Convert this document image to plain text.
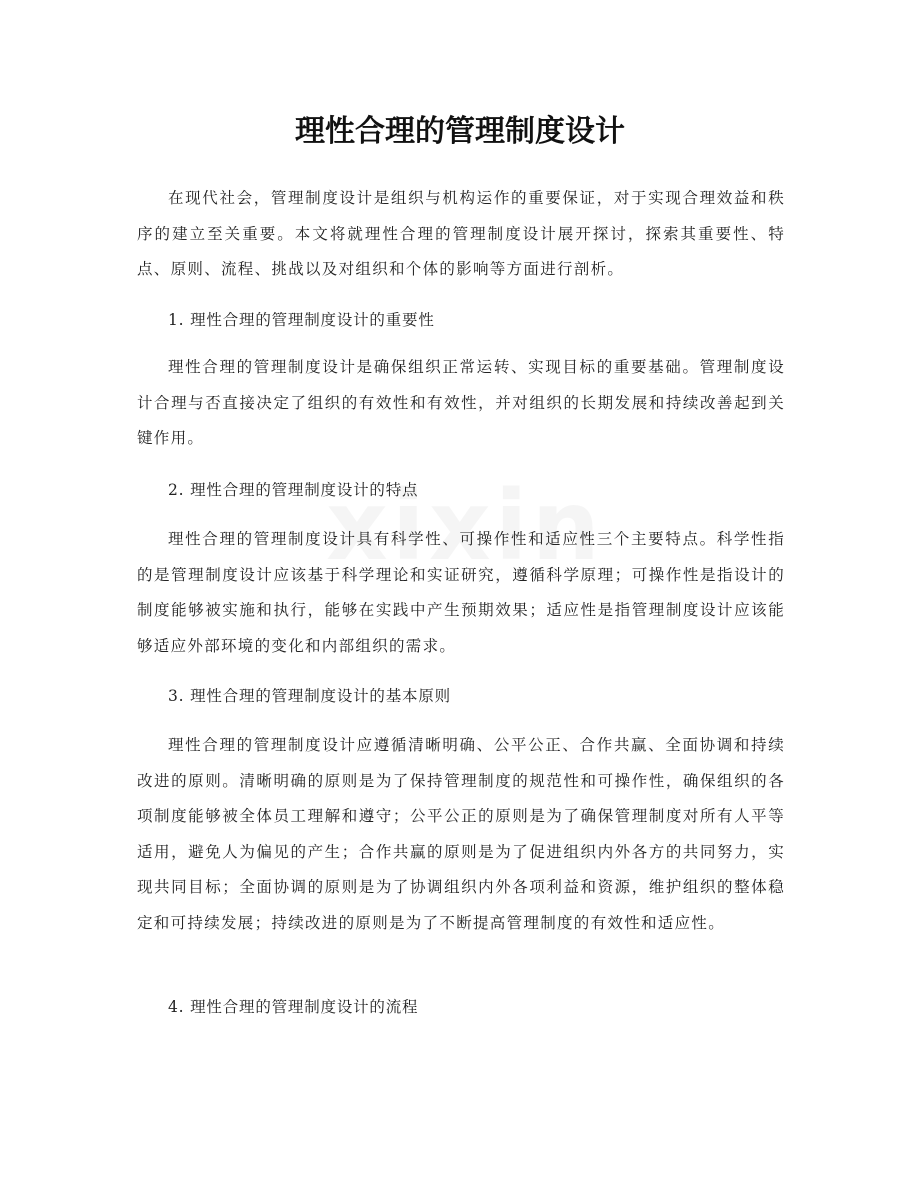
理性合理的管理制度设计

在现代社会，管理制度设计是组织与机构运作的重要保证，对于实现合理效益和秩序的建立至关重要。本文将就理性合理的管理制度设计展开探讨，探索其重要性、特点、原则、流程、挑战以及对组织和个体的影响等方面进行剖析。

1. 理性合理的管理制度设计的重要性

理性合理的管理制度设计是确保组织正常运转、实现目标的重要基础。管理制度设计合理与否直接决定了组织的有效性和有效性，并对组织的长期发展和持续改善起到关键作用。

2. 理性合理的管理制度设计的特点

理性合理的管理制度设计具有科学性、可操作性和适应性三个主要特点。科学性指的是管理制度设计应该基于科学理论和实证研究，遵循科学原理；可操作性是指设计的制度能够被实施和执行，能够在实践中产生预期效果；适应性是指管理制度设计应该能够适应外部环境的变化和内部组织的需求。

3. 理性合理的管理制度设计的基本原则

理性合理的管理制度设计应遵循清晰明确、公平公正、合作共赢、全面协调和持续改进的原则。清晰明确的原则是为了保持管理制度的规范性和可操作性，确保组织的各项制度能够被全体员工理解和遵守；公平公正的原则是为了确保管理制度对所有人平等适用，避免人为偏见的产生；合作共赢的原则是为了促进组织内外各方的共同努力，实现共同目标；全面协调的原则是为了协调组织内外各项利益和资源，维护组织的整体稳定和可持续发展；持续改进的原则是为了不断提高管理制度的有效性和适应性。

4. 理性合理的管理制度设计的流程
